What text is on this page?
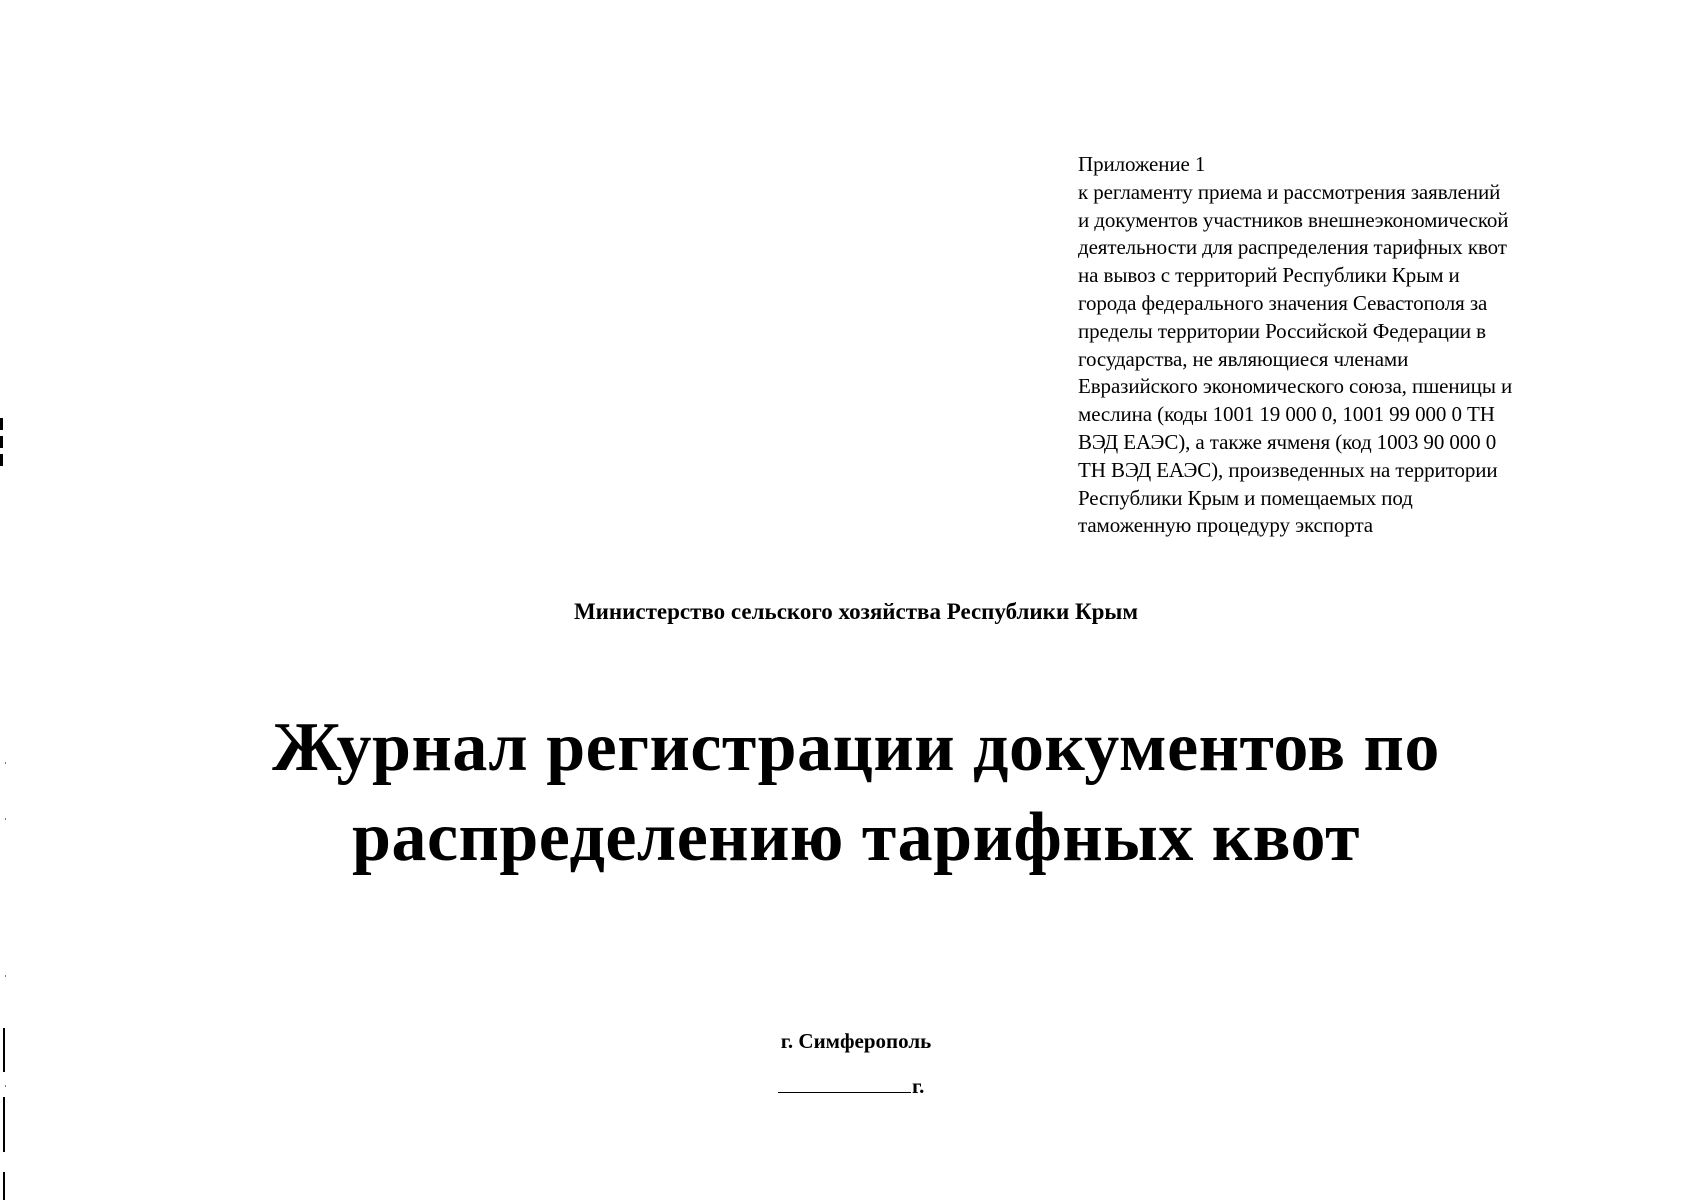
Приложение 1
к регламенту приема и рассмотрения заявлений
и документов участников внешнеэкономической
деятельности для распределения тарифных квот
на вывоз с территорий Республики Крым и
города федерального значения Севастополя за
пределы территории Российской Федерации в
государства, не являющиеся членами
Евразийского экономического союза, пшеницы и
меслина (коды 1001 19 000 0, 1001 99 000 0 ТН
ВЭД ЕАЭС), а также ячменя (код 1003 90 000 0
ТН ВЭД ЕАЭС), произведенных на территории
Республики Крым и помещаемых под
таможенную процедуру экспорта
Министерство сельского хозяйства Республики Крым
Журнал регистрации документов по
распределению тарифных квот
г. Симферополь
г.
